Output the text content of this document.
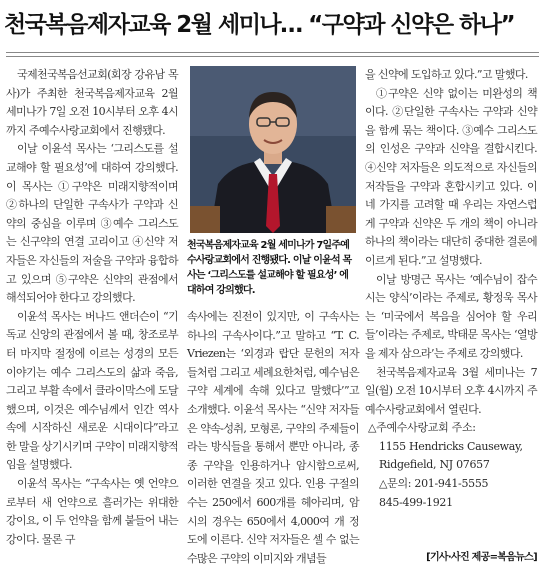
천국복음제자교육 2월 세미나… “구약과 신약은 하나”

국제천국복음선교회(회장 강유남 목사)가 주최한 천국복음제자교육 2월 세미나가 7일 오전 10시부터 오후 4시까지 주예수사랑교회에서 진행됐다.

이날 이윤석 목사는 ‘그리스도를 설교해야 할 필요성’에 대하여 강의했다. 이 목사는 ①구약은 미래지향적이며 ②하나의 단일한 구속사가 구약과 신약의 중심을 이루며 ③예수 그리스도는 신구약의 연결 고리이고 ④신약 저자들은 자신들의 저술을 구약과 융합하고 있으며 ⑤구약은 신약의 관점에서 해석되어야 한다고 강의했다.

이윤석 목사는 버나드 앤더슨이 “기독교 신앙의 관점에서 볼 때, 창조로부터 마지막 절정에 이르는 성경의 모든 이야기는 예수 그리스도의 삶과 죽음, 그리고 부활 속에서 클라이막스에 도달했으며, 이것은 예수님께서 인간 역사 속에 시작하신 새로운 시대이다”라고 한 말을 상기시키며 구약이 미래지향적임을 설명했다.

이윤석 목사는 “구속사는 옛 언약으로부터 새 언약으로 흘러가는 위대한 강이요, 이 두 언약을 함께 붙들어 내는 강이다. 물론 구

천국복음제자교육 2월 세미나가 7일주예수사랑교회에서 진행됐다. 이날 이윤석 목사는 ‘그리스도를 설교해야 할 필요성’ 에 대하여 강의했다.

속사에는 진전이 있지만, 이 구속사는 하나의 구속사이다.”고 말하고 “T. C. Vriezen는 ‘외경과 랍단 문헌의 저자들처럼 그리고 세례요한처럼, 예수님은 구약 세계에 속해 있다고 말했다’”고 소개했다. 이윤석 목사는 “신약 저자들은 약속-성취, 모형론, 구약의 주제들이라는 방식들을 통해서 뿐만 아니라, 종종 구약을 인용하거나 암시함으로써, 이러한 연결을 짓고 있다. 인용 구절의 수는 250에서 600개를 헤아리며, 암시의 경우는 650에서 4,000여 개 정도에 이른다. 신약 저자들은 셀 수 없는 수많은 구약의 이미지와 개념들

을 신약에 도입하고 있다.”고 말했다.

①구약은 신약 없이는 미완성의 책이다. ②단일한 구속사는 구약과 신약을 함께 묶는 책이다. ③예수 그리스도의 인성은 구약과 신약을 결합시킨다. ④신약 저자들은 의도적으로 자신들의 저작들을 구약과 혼합시키고 있다. 이 네 가지를 고려할 때 우리는 자연스럽게 구약과 신약은 두 개의 책이 아니라 하나의 책이라는 대단히 중대한 결론에 이르게 된다.”고 설명했다.

이날 방명근 목사는 ‘예수님이 잡수시는 양식’이라는 주제로, 황정욱 목사는 ‘미국에서 복음을 심어야 할 우리들’이라는 주제로, 박태문 목사는 ‘열방을 제자 삼으라’는 주제로 강의했다.

천국복음제자교육 3월 세미나는 7일(월) 오전 10시부터 오후 4시까지 주예수사랑교회에서 열린다.

△주예수사랑교회 주소:

1155 Hendricks Causeway,

Ridgefield, NJ 07657

△문의: 201-941-5555

845-499-1921

[기사·사진 제공=복음뉴스]
